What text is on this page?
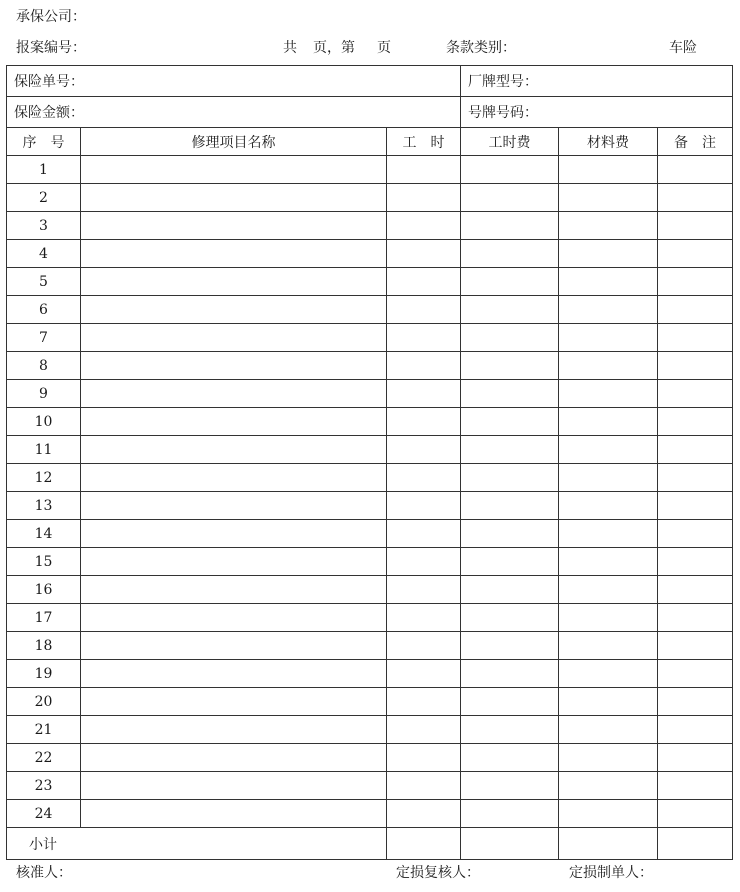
承保公司：
报案编号：	共 页，第 页	条款类别：	车险
保险单号：			厂牌型号：		
保险金额：			号牌号码：		
序　号	修理项目名称	工　时	工时费	材料费	备　注
1					
2					
3					
4					
5					
6					
7					
8					
9					
10					
11					
12					
13					
14					
15					
16					
17					
18					
19					
20					
21					
22					
23					
24					
小计					
核准人：	定损复核人：	定损制单人：
